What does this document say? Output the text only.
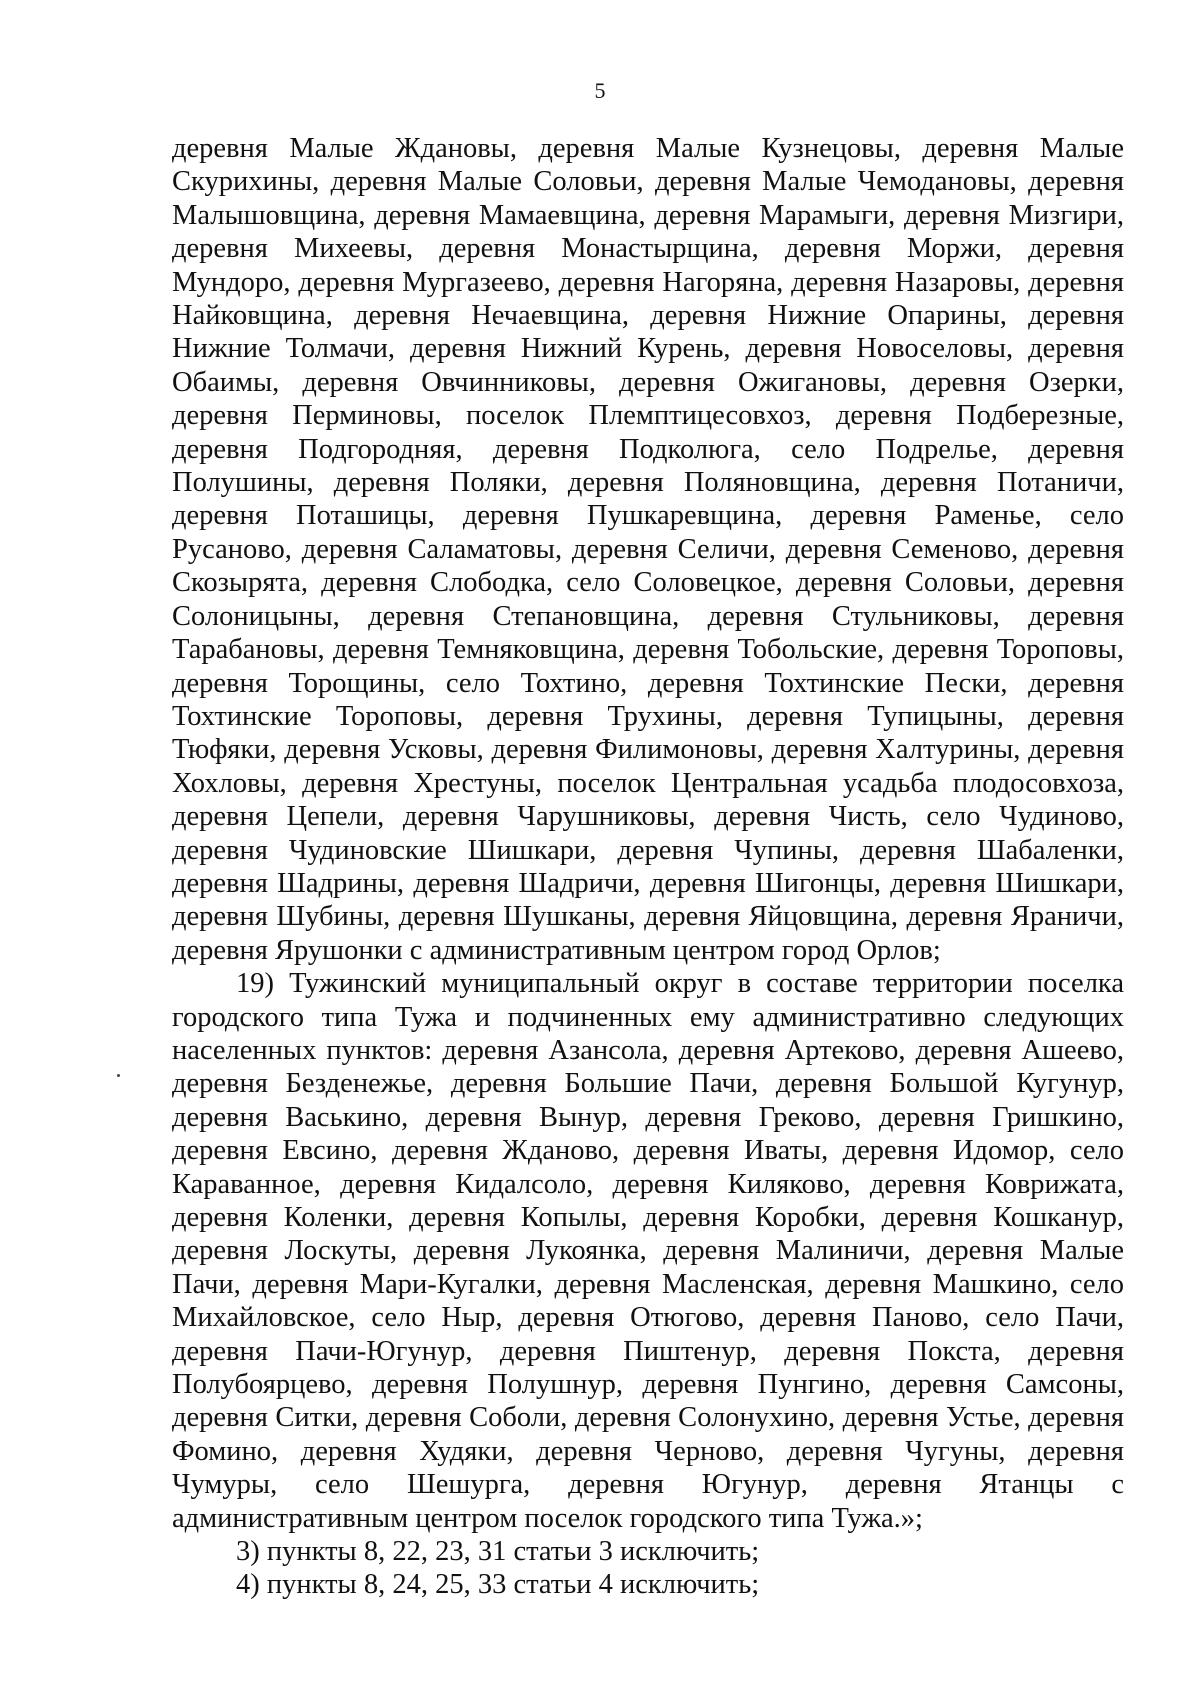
5

деревня Малые Ждановы, деревня Малые Кузнецовы, деревня Малые Скурихины, деревня Малые Соловьи, деревня Малые Чемодановы, деревня Малышовщина, деревня Мамаевщина, деревня Марамыги, деревня Мизгири, деревня Михеевы, деревня Монастырщина, деревня Моржи, деревня Мундоро, деревня Мургазеево, деревня Нагоряна, деревня Назаровы, деревня Найковщина, деревня Нечаевщина, деревня Нижние Опарины, деревня Нижние Толмачи, деревня Нижний Курень, деревня Новоселовы, деревня Обаимы, деревня Овчинниковы, деревня Ожигановы, деревня Озерки, деревня Перминовы, поселок Племптицесовхоз, деревня Подберезные, деревня Подгородняя, деревня Подколюга, село Подрелье, деревня Полушины, деревня Поляки, деревня Поляновщина, деревня Потаничи, деревня Поташицы, деревня Пушкаревщина, деревня Раменье, село Русаново, деревня Саламатовы, деревня Селичи, деревня Семеново, деревня Скозырята, деревня Слободка, село Соловецкое, деревня Соловьи, деревня Солоницыны, деревня Степановщина, деревня Стульниковы, деревня Тарабановы, деревня Темняковщина, деревня Тобольские, деревня Тороповы, деревня Торощины, село Тохтино, деревня Тохтинские Пески, деревня Тохтинские Тороповы, деревня Трухины, деревня Тупицыны, деревня Тюфяки, деревня Усковы, деревня Филимоновы, деревня Халтурины, деревня Хохловы, деревня Хрестуны, поселок Центральная усадьба плодосовхоза, деревня Цепели, деревня Чарушниковы, деревня Чисть, село Чудиново, деревня Чудиновские Шишкари, деревня Чупины, деревня Шабаленки, деревня Шадрины, деревня Шадричи, деревня Шигонцы, деревня Шишкари, деревня Шубины, деревня Шушканы, деревня Яйцовщина, деревня Яраничи, деревня Ярушонки с административным центром город Орлов;

19) Тужинский муниципальный округ в составе территории поселка городского типа Тужа и подчиненных ему административно следующих населенных пунктов: деревня Азансола, деревня Артеково, деревня Ашеево, деревня Безденежье, деревня Большие Пачи, деревня Большой Кугунур, деревня Васькино, деревня Вынур, деревня Греково, деревня Гришкино, деревня Евсино, деревня Жданово, деревня Иваты, деревня Идомор, село Караванное, деревня Кидалсоло, деревня Киляково, деревня Коврижата, деревня Коленки, деревня Копылы, деревня Коробки, деревня Кошканур, деревня Лоскуты, деревня Лукоянка, деревня Малиничи, деревня Малые Пачи, деревня Мари-Кугалки, деревня Масленская, деревня Машкино, село Михайловское, село Ныр, деревня Отюгово, деревня Паново, село Пачи, деревня Пачи-Югунур, деревня Пиштенур, деревня Покста, деревня Полубоярцево, деревня Полушнур, деревня Пунгино, деревня Самсоны, деревня Ситки, деревня Соболи, деревня Солонухино, деревня Устье, деревня Фомино, деревня Худяки, деревня Черново, деревня Чугуны, деревня Чумуры, село Шешурга, деревня Югунур, деревня Ятанцы с административным центром поселок городского типа Тужа.»;

3) пункты 8, 22, 23, 31 статьи 3 исключить;

4) пункты 8, 24, 25, 33 статьи 4 исключить;
